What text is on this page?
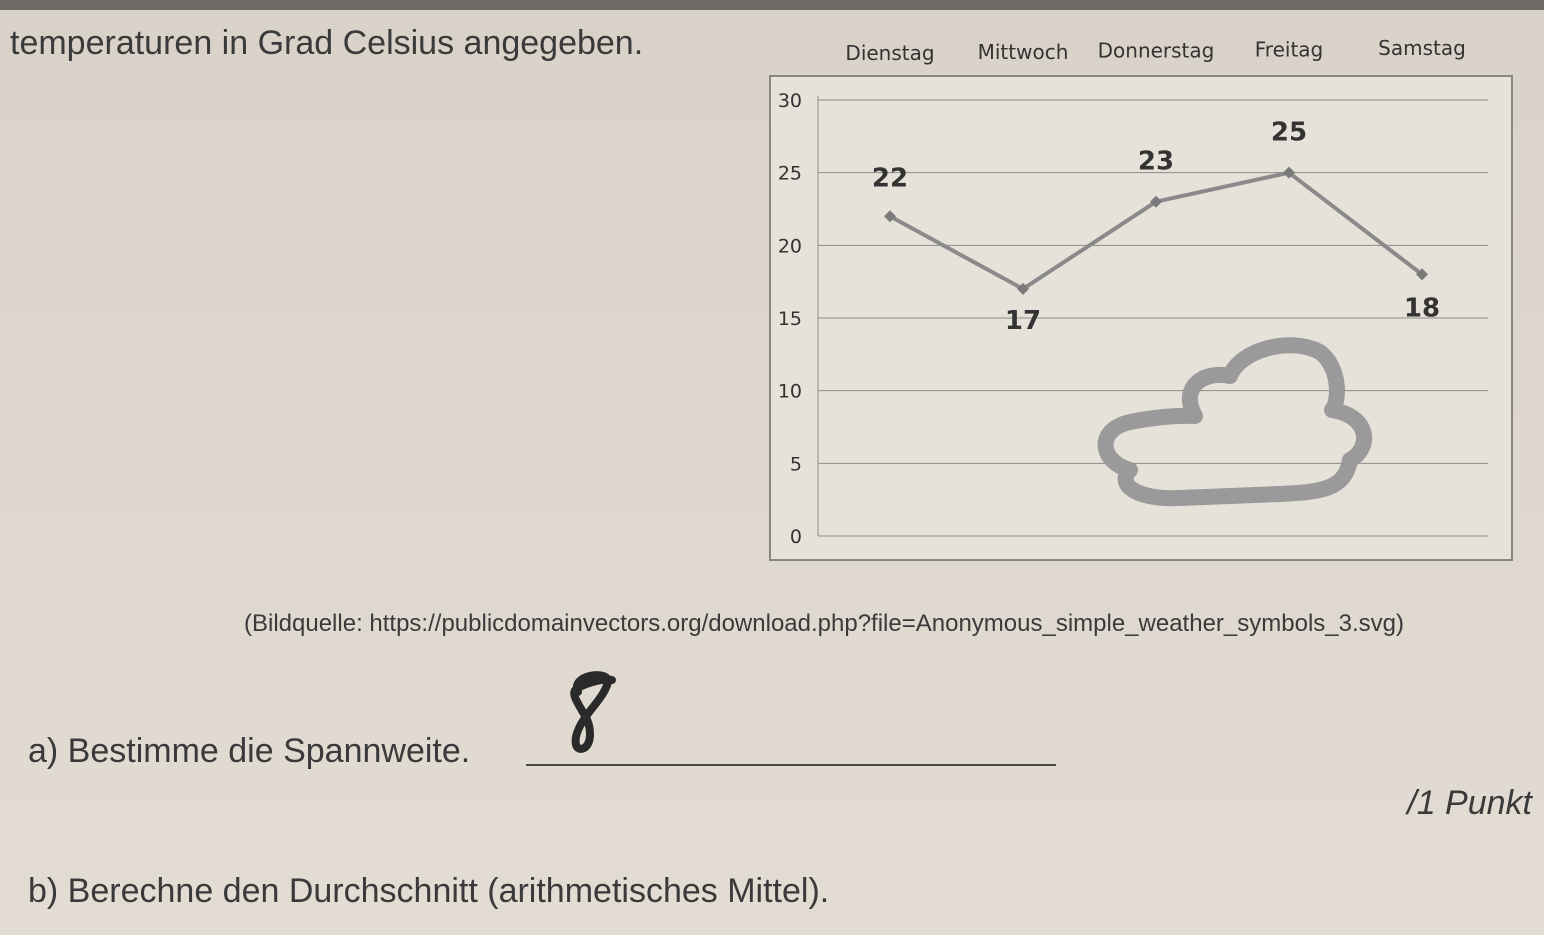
temperaturen in Grad Celsius angegeben.
0
5
10
15
20
25
30
Dienstag Mittwoch Donnerstag Freitag	Samstag
22
17
23
25
18
(Bildquelle: https://publicdomainvectors.org/download.php?file=Anonymous_simple_weather_symbols_3.svg)
a) Bestimme die Spannweite.
/1 Punkt
b) Berechne den Durchschnitt (arithmetisches Mittel).
